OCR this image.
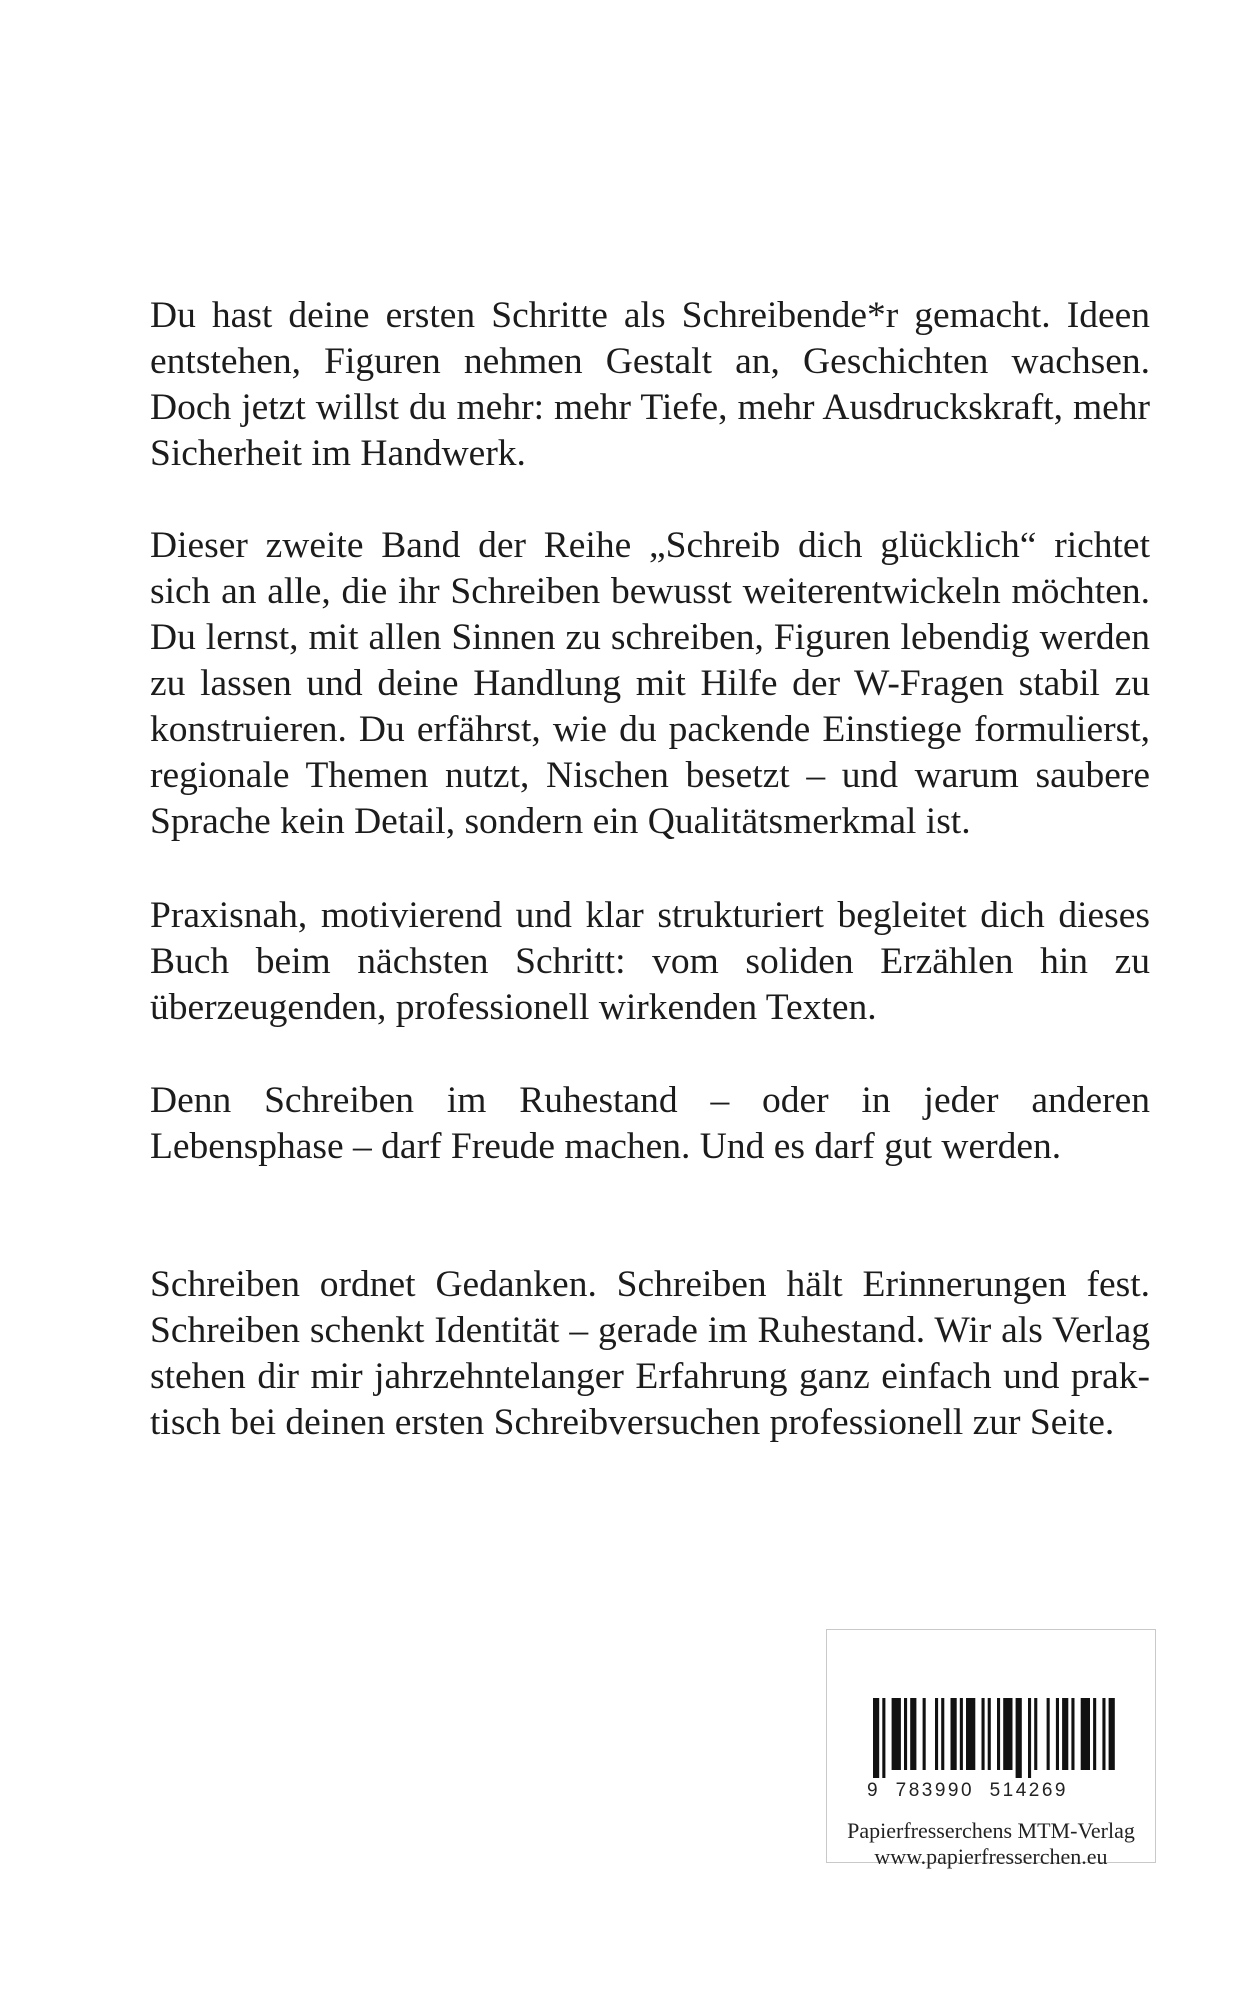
Du hast deine ersten Schritte als Schreibende*r gemacht. Ideen entstehen, Figuren nehmen Gestalt an, Geschichten wachsen. Doch jetzt willst du mehr: mehr Tiefe, mehr Ausdruckskraft, mehr Sicherheit im Handwerk.

Dieser zweite Band der Reihe „Schreib dich glücklich“ richtet sich an alle, die ihr Schreiben bewusst weiterentwickeln möchten. Du lernst, mit allen Sinnen zu schreiben, Figuren lebendig werden zu lassen und deine Handlung mit Hilfe der W-Fragen stabil zu konstruieren. Du erfährst, wie du packende Einstiege formulierst, regionale Themen nutzt, Nischen besetzt – und warum saubere Sprache kein Detail, sondern ein Qualitätsmerkmal ist.

Praxisnah, motivierend und klar strukturiert begleitet dich dieses Buch beim nächsten Schritt: vom soliden Erzählen hin zu überzeugenden, professionell wirkenden Texten.

Denn Schreiben im Ruhestand – oder in jeder anderen Lebensphase – darf Freude machen. Und es darf gut werden.

Schreiben ordnet Gedanken. Schreiben hält Erinnerungen fest. Schreiben schenkt Identität – gerade im Ruhestand. Wir als Verlag stehen dir mir jahrzehntelanger Erfahrung ganz einfach und praktisch bei deinen ersten Schreibversuchen professionell zur Seite.

9  783990  514269
Papierfresserchens MTM-Verlag
www.papierfresserchen.eu
